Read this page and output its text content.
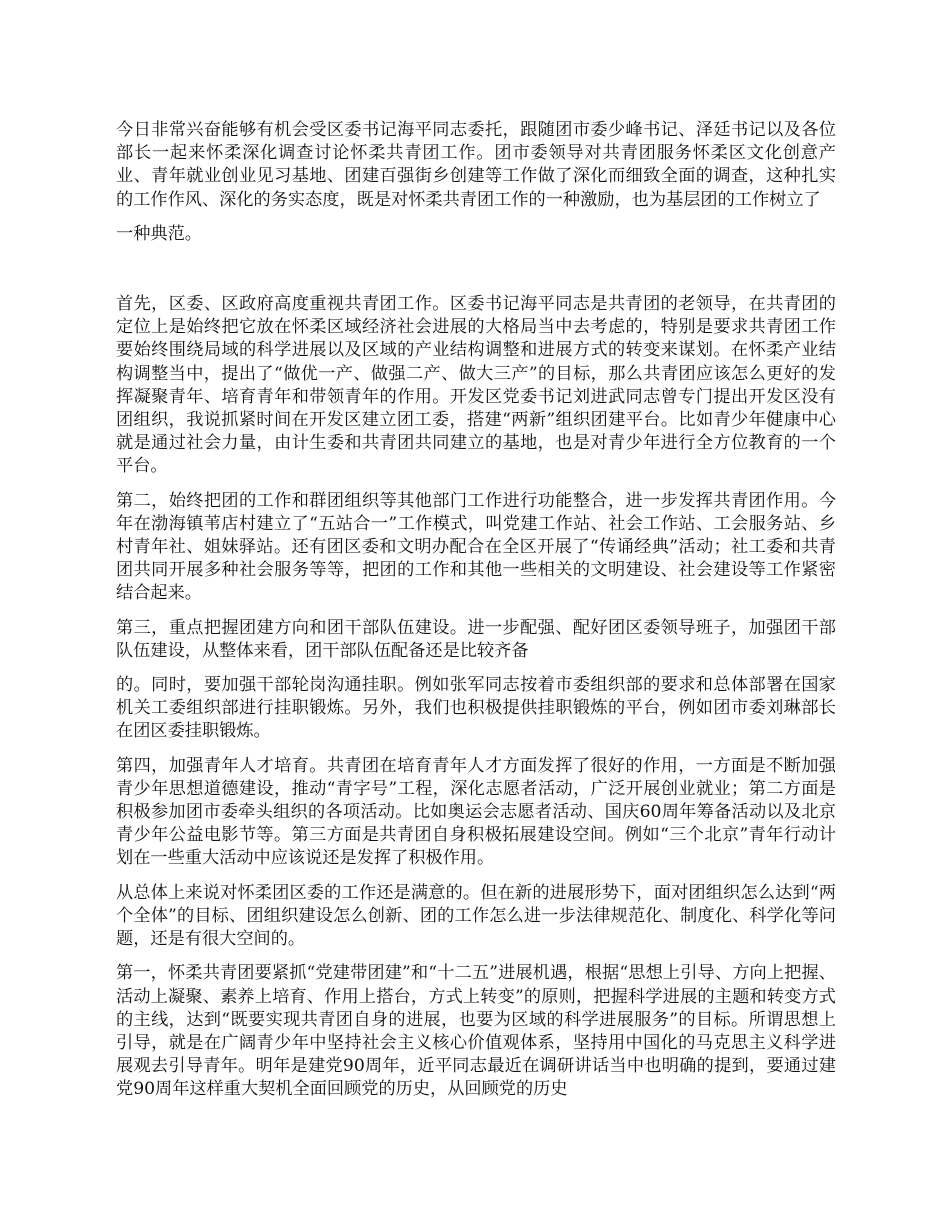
今日非常兴奋能够有机会受区委书记海平同志委托，跟随团市委少峰书记、泽廷书记以及各位部长一起来怀柔深化调查讨论怀柔共青团工作。团市委领导对共青团服务怀柔区文化创意产业、青年就业创业见习基地、团建百强街乡创建等工作做了深化而细致全面的调查，这种扎实的工作作风、深化的务实态度，既是对怀柔共青团工作的一种激励，也为基层团的工作树立了

一种典范。

首先，区委、区政府高度重视共青团工作。区委书记海平同志是共青团的老领导，在共青团的定位上是始终把它放在怀柔区域经济社会进展的大格局当中去考虑的，特别是要求共青团工作要始终围绕局域的科学进展以及区域的产业结构调整和进展方式的转变来谋划。在怀柔产业结构调整当中，提出了“做优一产、做强二产、做大三产”的目标，那么共青团应该怎么更好的发挥凝聚青年、培育青年和带领青年的作用。开发区党委书记刘进武同志曾专门提出开发区没有团组织，我说抓紧时间在开发区建立团工委，搭建“两新”组织团建平台。比如青少年健康中心就是通过社会力量，由计生委和共青团共同建立的基地，也是对青少年进行全方位教育的一个平台。

第二，始终把团的工作和群团组织等其他部门工作进行功能整合，进一步发挥共青团作用。今年在渤海镇苇店村建立了“五站合一”工作模式，叫党建工作站、社会工作站、工会服务站、乡村青年社、姐妹驿站。还有团区委和文明办配合在全区开展了“传诵经典”活动；社工委和共青团共同开展多种社会服务等等，把团的工作和其他一些相关的文明建设、社会建设等工作紧密结合起来。

第三，重点把握团建方向和团干部队伍建设。进一步配强、配好团区委领导班子，加强团干部队伍建设，从整体来看，团干部队伍配备还是比较齐备

的。同时，要加强干部轮岗沟通挂职。例如张军同志按着市委组织部的要求和总体部署在国家机关工委组织部进行挂职锻炼。另外，我们也积极提供挂职锻炼的平台，例如团市委刘琳部长在团区委挂职锻炼。

第四，加强青年人才培育。共青团在培育青年人才方面发挥了很好的作用，一方面是不断加强青少年思想道德建设，推动“青字号”工程，深化志愿者活动，广泛开展创业就业；第二方面是积极参加团市委牵头组织的各项活动。比如奥运会志愿者活动、国庆60周年筹备活动以及北京青少年公益电影节等。第三方面是共青团自身积极拓展建设空间。例如“三个北京”青年行动计划在一些重大活动中应该说还是发挥了积极作用。

从总体上来说对怀柔团区委的工作还是满意的。但在新的进展形势下，面对团组织怎么达到“两个全体”的目标、团组织建设怎么创新、团的工作怎么进一步法律规范化、制度化、科学化等问题，还是有很大空间的。

第一，怀柔共青团要紧抓“党建带团建”和“十二五”进展机遇，根据“思想上引导、方向上把握、活动上凝聚、素养上培育、作用上搭台，方式上转变”的原则，把握科学进展的主题和转变方式的主线，达到“既要实现共青团自身的进展，也要为区域的科学进展服务”的目标。所谓思想上引导，就是在广阔青少年中坚持社会主义核心价值观体系，坚持用中国化的马克思主义科学进展观去引导青年。明年是建党90周年，近平同志最近在调研讲话当中也明确的提到，要通过建党90周年这样重大契机全面回顾党的历史，从回顾党的历史
